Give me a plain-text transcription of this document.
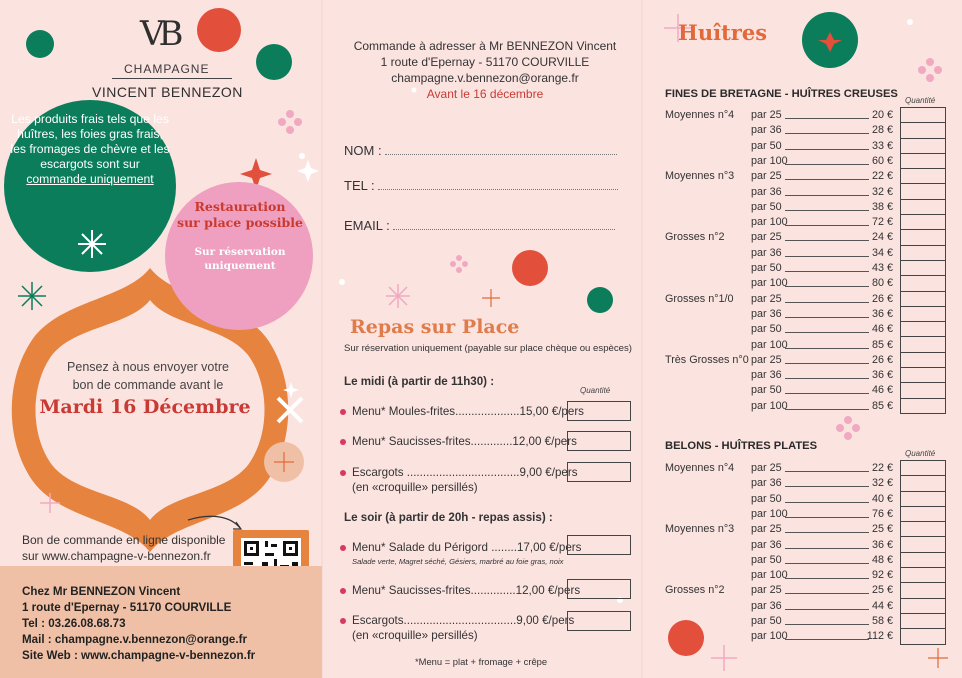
VB
CHAMPAGNE
VINCENT BENNEZON
Les produits frais tels que les huîtres, les foies gras frais, les fromages de chèvre et les escargots sont sur commande uniquement
Restauration
sur place possible
Sur réservation
uniquement
Pensez à nous envoyer votre
bon de commande avant le
Mardi 16 Décembre
Bon de commande en ligne disponible
sur www.champagne-v-bennezon.fr
Chez Mr BENNEZON Vincent
1 route d'Epernay - 51170 COURVILLE
Tel : 03.26.08.68.73
Mail : champagne.v.bennezon@orange.fr
Site Web : www.champagne-v-bennezon.fr
Commande à adresser à Mr BENNEZON Vincent
1 route d'Epernay - 51170 COURVILLE
champagne.v.bennezon@orange.fr
Avant le 16 décembre
NOM :
TEL :
EMAIL :
Repas sur Place
Sur réservation uniquement (payable sur place chèque ou espèces)
Le midi (à partir de 11h30) :
Quantité
Menu* Moules-frites....................15,00 €/pers
Menu* Saucisses-frites.............12,00 €/pers
Escargots ...................................9,00 €/pers
(en «croquille» persillés)
Le soir (à partir de 20h - repas assis) :
Menu* Salade du Périgord ........17,00 €/pers
Salade verte, Magret séché, Gésiers, marbré au foie gras, noix
Menu* Saucisses-frites..............12,00 €/pers
Escargots...................................9,00 €/pers
(en «croquille» persillés)
*Menu = plat + fromage + crêpe
Huîtres
FINES DE BRETAGNE - HUÎTRES CREUSES
Quantité
Moyennes n°4 par 25	20 €
par 36	28 €
par 50	33 €
par 100	60 €
Moyennes n°3 par 25	22 €
par 36	32 €
par 50	38 €
par 100	72 €
Grosses n°2 par 25	24 €
par 36	34 €
par 50	43 €
par 100	80 €
Grosses n°1/0 par 25	26 €
par 36	36 €
par 50	46 €
par 100	85 €
Très Grosses n°0 par 25	26 €
par 36	36 €
par 50	46 €
par 100	85 €
BELONS - HUÎTRES PLATES
Quantité
Moyennes n°4 par 25	22 €
par 36	32 €
par 50	40 €
par 100	76 €
Moyennes n°3 par 25	25 €
par 36	36 €
par 50	48 €
par 100	92 €
Grosses n°2 par 25	25 €
par 36	44 €
par 50	58 €
par 100	112 €
